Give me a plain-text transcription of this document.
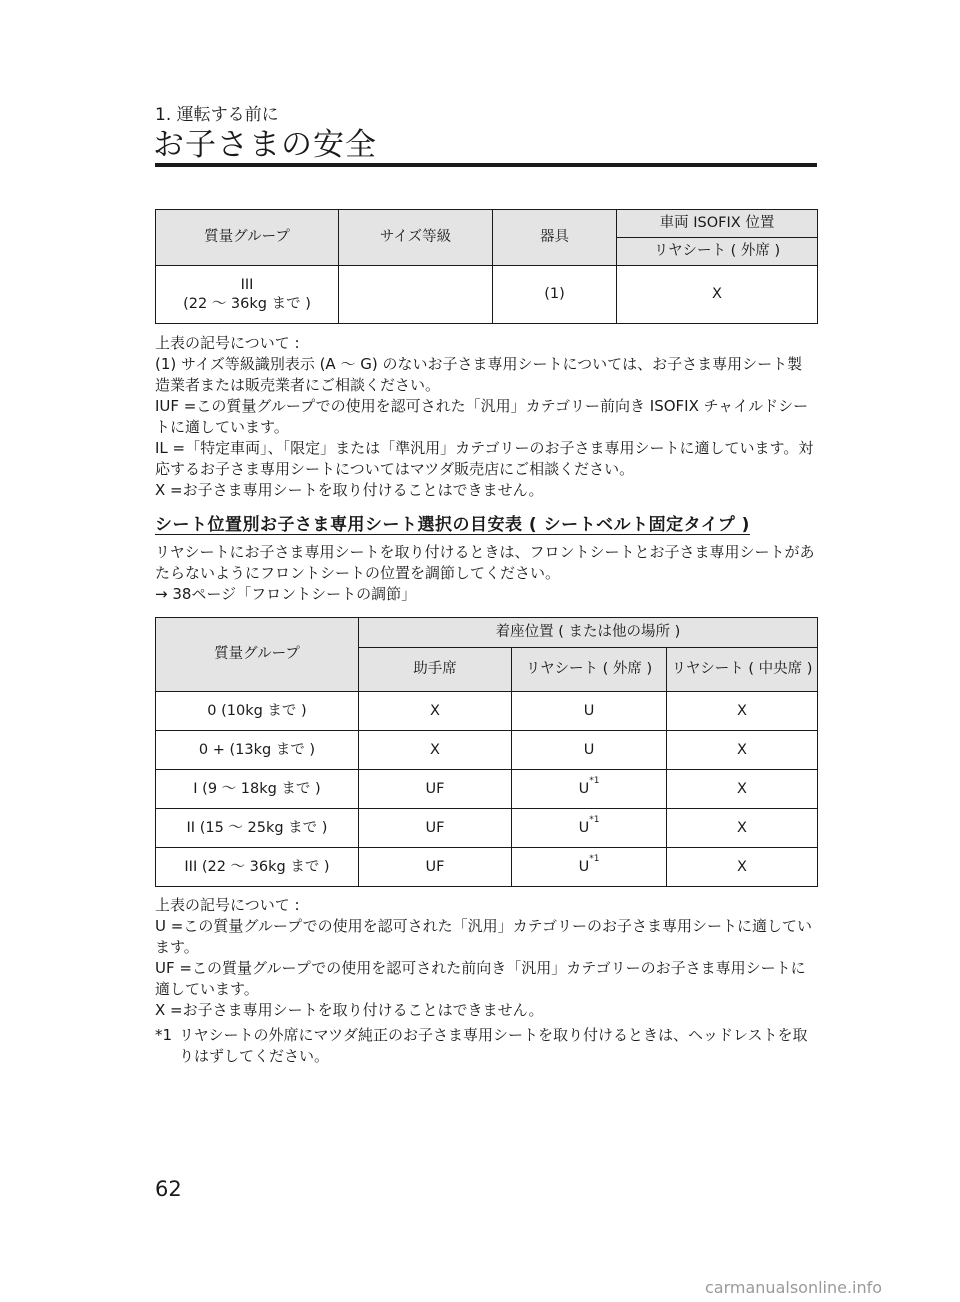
1. 運転する前に
お子さまの安全
質量グループ	サイズ等級	器具	車両 ISOFIX 位置
			リヤシート ( 外席 )

III
(22 〜 36kg まで )		(1)	X

上表の記号について :

(1) サイズ等級識別表示 (A 〜 G) のないお子さま専用シートについては、お子さま専用シート製造業者または販売業者にご相談ください。

IUF =この質量グループでの使用を認可された「汎用」カテゴリー前向き ISOFIX チャイルドシートに適しています。

IL =「特定車両」、「限定」または「準汎用」カテゴリーのお子さま専用シートに適しています。対応するお子さま専用シートについてはマツダ販売店にご相談ください。

X =お子さま専用シートを取り付けることはできません。

シート位置別お子さま専用シート選択の目安表 ( シートベルト固定タイプ )

リヤシートにお子さま専用シートを取り付けるときは、フロントシートとお子さま専用シートがあたらないようにフロントシートの位置を調節してください。

→ 38ページ「フロントシートの調節」

質量グループ	着座位置 ( または他の場所 )		
	助手席	リヤシート ( 外席 )	リヤシート ( 中央席 )
0 (10kg まで )	X	U	X
0 + (13kg まで )	X	U	X
I (9 〜 18kg まで )	UF	$U^{*1}$	X
II (15 〜 25kg まで )	UF	$U^{*1}$	X
III (22 〜 36kg まで )	UF	$U^{*1}$	X

上表の記号について :

U =この質量グループでの使用を認可された「汎用」カテゴリーのお子さま専用シートに適しています。

UF =この質量グループでの使用を認可された前向き「汎用」カテゴリーのお子さま専用シートに適しています。

X =お子さま専用シートを取り付けることはできません。

*1 リヤシートの外席にマツダ純正のお子さま専用シートを取り付けるときは、ヘッドレストを取りはずしてください。
62
carmanualsonline.info
